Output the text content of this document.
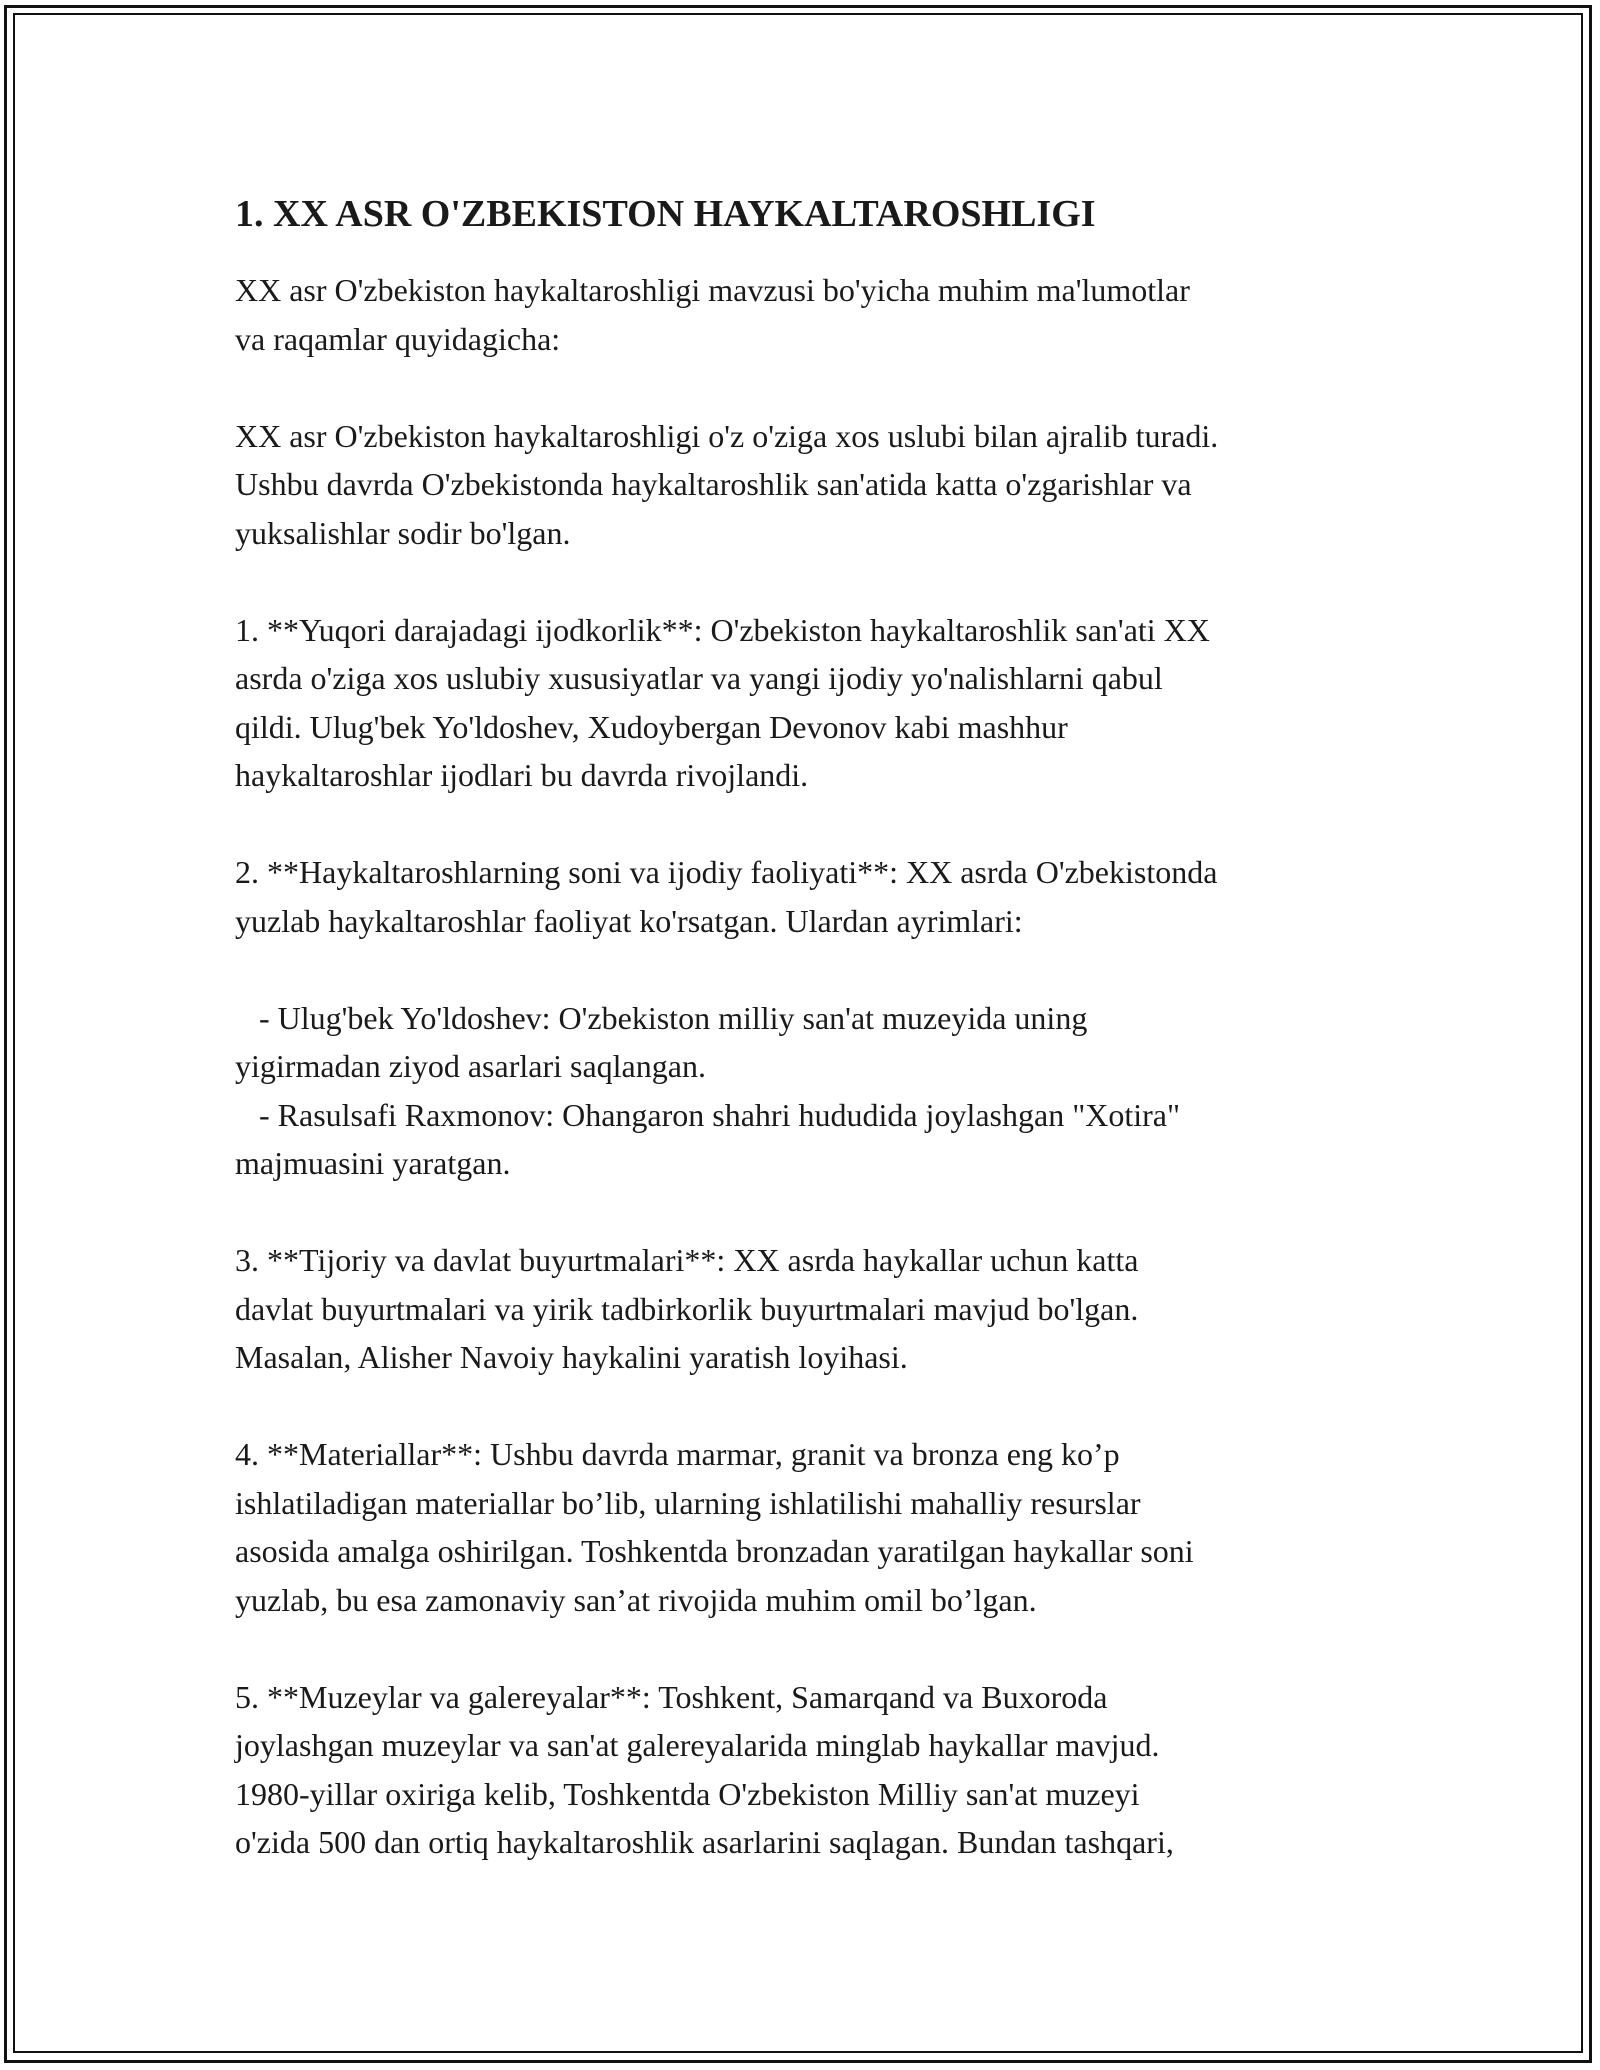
1. XX ASR O'ZBEKISTON HAYKALTAROSHLIGI
XX asr O'zbekiston haykaltaroshligi mavzusi bo'yicha muhim ma'lumotlar
va raqamlar quyidagicha:
XX asr O'zbekiston haykaltaroshligi o'z o'ziga xos uslubi bilan ajralib turadi.
Ushbu davrda O'zbekistonda haykaltaroshlik san'atida katta o'zgarishlar va
yuksalishlar sodir bo'lgan.
1. **Yuqori darajadagi ijodkorlik**: O'zbekiston haykaltaroshlik san'ati XX
asrda o'ziga xos uslubiy xususiyatlar va yangi ijodiy yo'nalishlarni qabul
qildi. Ulug'bek Yo'ldoshev, Xudoybergan Devonov kabi mashhur
haykaltaroshlar ijodlari bu davrda rivojlandi.
2. **Haykaltaroshlarning soni va ijodiy faoliyati**: XX asrda O'zbekistonda
yuzlab haykaltaroshlar faoliyat ko'rsatgan. Ulardan ayrimlari:
- Ulug'bek Yo'ldoshev: O'zbekiston milliy san'at muzeyida uning
yigirmadan ziyod asarlari saqlangan.
- Rasulsafi Raxmonov: Ohangaron shahri hududida joylashgan "Xotira"
majmuasini yaratgan.
3. **Tijoriy va davlat buyurtmalari**: XX asrda haykallar uchun katta
davlat buyurtmalari va yirik tadbirkorlik buyurtmalari mavjud bo'lgan.
Masalan, Alisher Navoiy haykalini yaratish loyihasi.
4. **Materiallar**: Ushbu davrda marmar, granit va bronza eng ko’p
ishlatiladigan materiallar bo’lib, ularning ishlatilishi mahalliy resurslar
asosida amalga oshirilgan. Toshkentda bronzadan yaratilgan haykallar soni
yuzlab, bu esa zamonaviy san’at rivojida muhim omil bo’lgan.
5. **Muzeylar va galereyalar**: Toshkent, Samarqand va Buxoroda
joylashgan muzeylar va san'at galereyalarida minglab haykallar mavjud.
1980-yillar oxiriga kelib, Toshkentda O'zbekiston Milliy san'at muzeyi
o'zida 500 dan ortiq haykaltaroshlik asarlarini saqlagan. Bundan tashqari,
